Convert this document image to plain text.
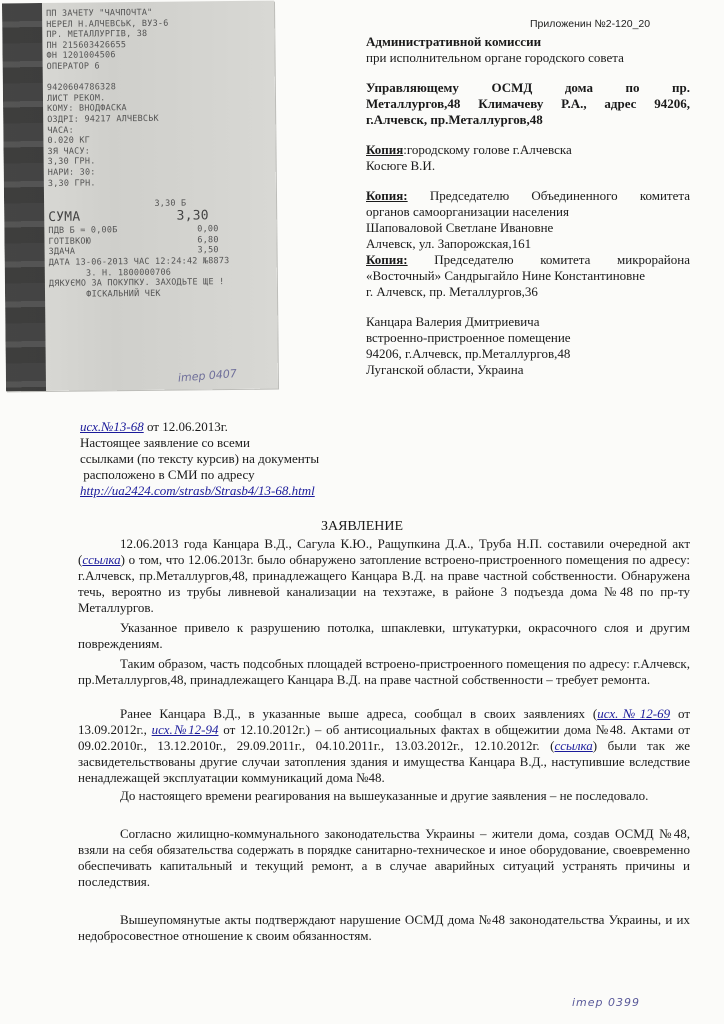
ПП ЗАЧЕТУ "ЧАЧПОЧТА"
НЕРЕЛ Н.АЛЧЕВСЬК, ВУЗ-6
ПР. МЕТАЛЛУРГІВ, 38
ПН 215603426655
ФН 1201004506
ОПЕРАТОР 6

9420604786328
ЛИСТ РЕКОМ.
КОМУ: ВНОДФАСКА
ОЗДРІ: 94217 АЛЧЕВСЬК
ЧАСА:
0.020 КГ
3Я ЧАСУ:
3,30 ГРН.
НАРИ: 30:
3,30 ГРН.

3,30 Б
СУМА	3,30
ПДВ Б = 0,00Б               0,00
ГОТІВКОЮ                    6,80
ЗДАЧА                       3,50
ДАТА 13-06-2013 ЧАС 12:24:42 №8873
З. Н. 1800000706
ДЯКУЄМО ЗА ПОКУПКУ. ЗАХОДЬТЕ ЩЕ !
ФІСКАЛЬНИЙ ЧЕК
imep 0407
Приложенин №2-120_20

Административной комиссии

при исполнительном органе городского совета

Управляющему ОСМД дома по пр.

Металлургов,48 Климачеву Р.А., адрес 94206,

г.Алчевск, пр.Металлургов,48

Копия:городскому голове г.Алчевска

Косюге В.И.

Копия: Председателю Объединенного комитета

органов самоорганизации населения

Шаповаловой Светлане Ивановне

Алчевск, ул. Запорожская,161

Копия: Председателю комитета микрорайона

«Восточный» Сандрыгайло Нине Константиновне

г. Алчевск, пр. Металлургов,36

Канцара Валерия Дмитриевича

встроенно-пристроенное помещение

94206, г.Алчевск, пр.Металлургов,48

Луганской области, Украина

исх.№13-68 от 12.06.2013г.

Настоящее заявление со всеми

ссылками (по тексту курсив) на документы

расположено в СМИ по адресу

http://ua2424.com/strasb/Strasb4/13-68.html

ЗАЯВЛЕНИЕ

12.06.2013 года Канцара В.Д., Сагула К.Ю., Ращупкина Д.А., Труба Н.П. составили очередной акт (ссылка) о том, что 12.06.2013г. было обнаружено затопление встроено-пристроенного помещения по адресу: г.Алчевск, пр.Металлургов,48, принадлежащего Канцара В.Д. на праве частной собственности. Обнаружена течь, вероятно из трубы ливневой канализации на техэтаже, в районе 3 подъезда дома №48 по пр-ту Металлургов.

Указанное привело к разрушению потолка, шпаклевки, штукатурки, окрасочного слоя и другим повреждениям.

Таким образом, часть подсобных площадей встроено-пристроенного помещения по адресу: г.Алчевск, пр.Металлургов,48, принадлежащего Канцара В.Д. на праве частной собственности – требует ремонта.

Ранее Канцара В.Д., в указанные выше адреса, сообщал в своих заявлениях (исх.№12-69 от 13.09.2012г., исх.№12-94 от 12.10.2012г.) – об антисоциальных фактах в общежитии дома №48. Актами от 09.02.2010г., 13.12.2010г., 29.09.2011г., 04.10.2011г., 13.03.2012г., 12.10.2012г. (ссылка) были так же засвидетельствованы другие случаи затопления здания и имущества Канцара В.Д., наступившие вследствие ненадлежащей эксплуатации коммуникаций дома №48.

До настоящего времени реагирования на вышеуказанные и другие заявления – не последовало.

Согласно жилищно-коммунального законодательства Украины – жители дома, создав ОСМД №48, взяли на себя обязательства содержать в порядке санитарно-техническое и иное оборудование, своевременно обеспечивать капитальный и текущий ремонт, а в случае аварийных ситуаций устранять причины и последствия.

Вышеупомянутые акты подтверждают нарушение ОСМД дома №48 законодательства Украины, и их недобросовестное отношение к своим обязанностям.

imep 0399
